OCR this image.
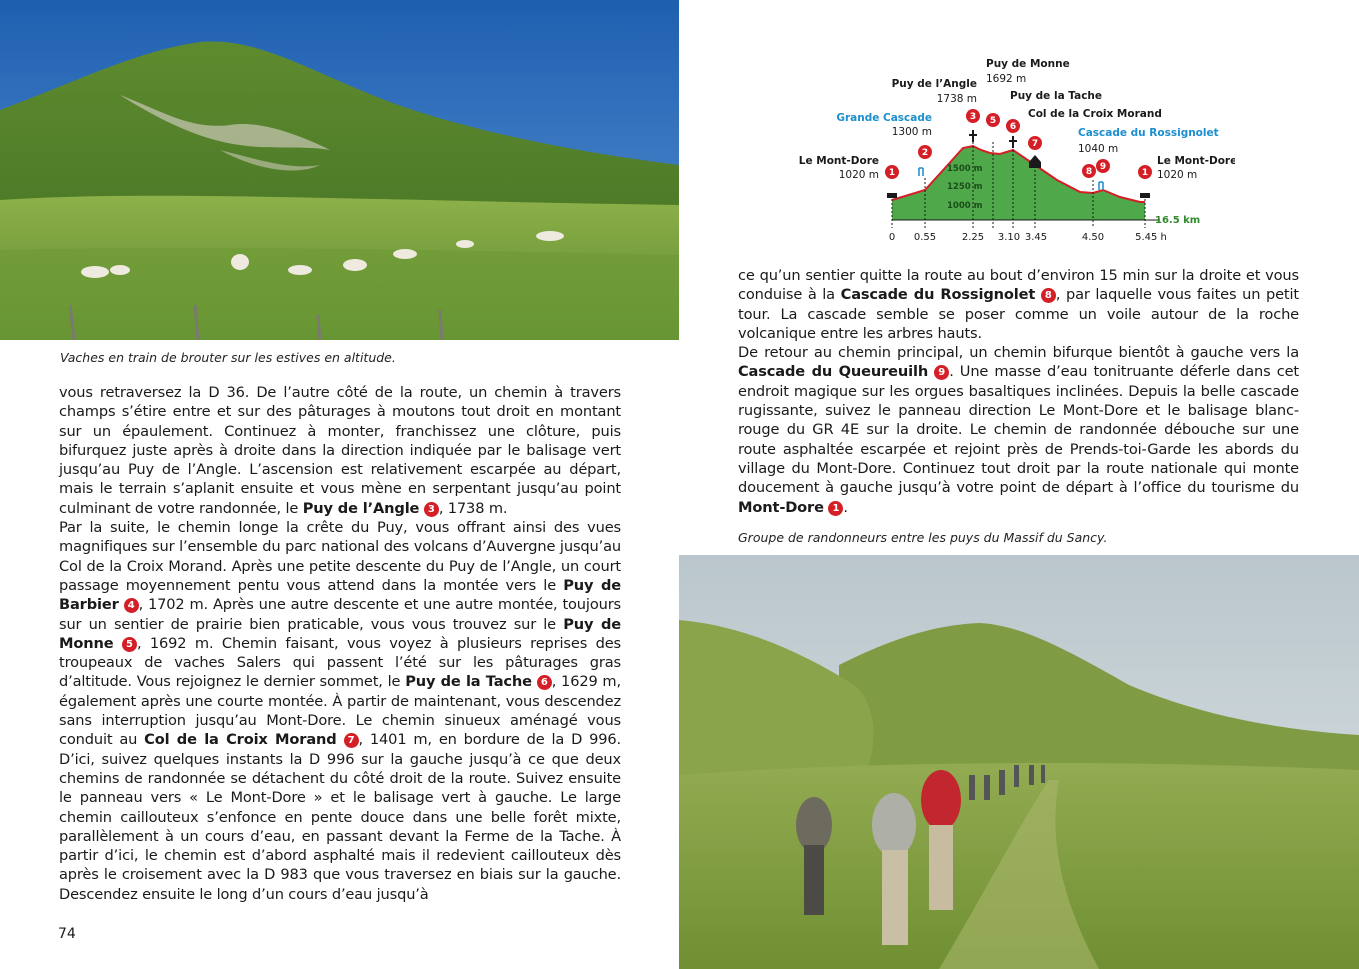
Vaches en train de brouter sur les estives en altitude.
1500 m
1250 m
1000 m
16.5 km
0 0.55	2.25 3.10 3.45	4.50	5.45 h
Le Mont-Dore
1020 m
Grande Cascade
1300 m
Puy de l’Angle
1738 m
Puy de Monne
1692 m
Puy de la Tache
Col de la Croix Morand
Cascade du Rossignolet
1040 m
Le Mont-Dore
1020 m
1
2
3 5
6
7
8 9
1

vous retraversez la D 36. De l’autre côté de la route, un chemin à travers champs s’étire entre et sur des pâturages à moutons tout droit en montant sur un épaulement. Continuez à monter, franchissez une clôture, puis bifurquez juste après à droite dans la direction indiquée par le balisage vert jusqu’au Puy de l’Angle. L’ascension est relativement escarpée au départ, mais le terrain s’aplanit ensuite et vous mène en serpentant jusqu’au point culminant de votre randonnée, le Puy de l’Angle 3 , 1738 m.

Par la suite, le chemin longe la crête du Puy, vous offrant ainsi des vues magnifiques sur l’ensemble du parc national des volcans d’Auvergne jusqu’au Col de la Croix Morand. Après une petite descente du Puy de l’Angle, un court passage moyennement pentu vous attend dans la montée vers le Puy de Barbier 4 , 1702 m. Après une autre descente et une autre montée, toujours sur un sentier de prairie bien praticable, vous vous trouvez sur le Puy de Monne 5 , 1692 m. Chemin faisant, vous voyez à plusieurs reprises des troupeaux de vaches Salers qui passent l’été sur les pâturages gras d’altitude. Vous rejoignez le dernier sommet, le Puy de la Tache 6 , 1629 m, également après une courte montée. À partir de maintenant, vous descendez sans interruption jusqu’au Mont-Dore. Le chemin sinueux aménagé vous conduit au Col de la Croix Morand 7 , 1401 m, en bordure de la D 996. D’ici, suivez quelques instants la D 996 sur la gauche jusqu’à ce que deux chemins de randonnée se détachent du côté droit de la route. Suivez ensuite le panneau vers « Le Mont-Dore » et le balisage vert à gauche. Le large chemin caillouteux s’enfonce en pente douce dans une belle forêt mixte, parallèlement à un cours d’eau, en passant devant la Ferme de la Tache. À partir d’ici, le chemin est d’abord asphalté mais il redevient caillouteux dès après le croisement avec la D 983 que vous traversez en biais sur la gauche. Descendez ensuite le long d’un cours d’eau jusqu’à

74

ce qu’un sentier quitte la route au bout d’environ 15 min sur la droite et vous conduise à la Cascade du Rossignolet 8 , par laquelle vous faites un petit tour. La cascade semble se poser comme un voile autour de la roche volcanique entre les arbres hauts.

De retour au chemin principal, un chemin bifurque bientôt à gauche vers la Cascade du Queureuilh 9 . Une masse d’eau tonitruante déferle dans cet endroit magique sur les orgues basaltiques inclinées. Depuis la belle cascade rugissante, suivez le panneau direction Le Mont-Dore et le balisage blanc-rouge du GR 4E sur la droite. Le chemin de randonnée débouche sur une route asphaltée escarpée et rejoint près de Prends-toi-Garde les abords du village du Mont-Dore. Continuez tout droit par la route nationale qui monte doucement à gauche jusqu’à votre point de départ à l’office du tourisme du Mont-Dore 1 .

Groupe de randonneurs entre les puys du Massif du Sancy.
